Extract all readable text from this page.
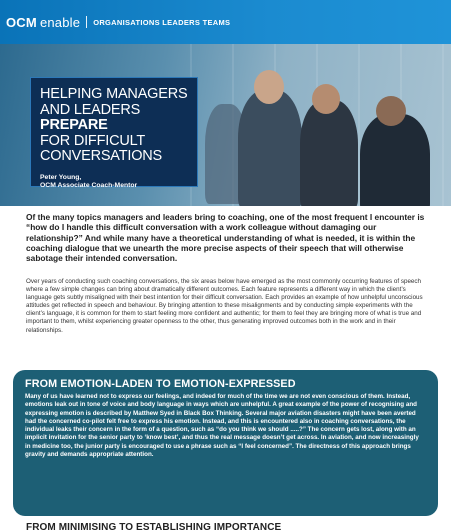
OCM enable ORGANISATIONS LEADERS TEAMS
HELPING MANAGERS
AND LEADERS PREPARE
FOR DIFFICULT
CONVERSATIONS
Peter Young,
OCM Associate Coach-Mentor

Of the many topics managers and leaders bring to coaching, one of the most frequent I encounter is “how do I handle this difficult conversation with a work colleague without damaging our relationship?” And while many have a theoretical understanding of what is needed, it is within the coaching dialogue that we unearth the more precise aspects of their speech that will otherwise sabotage their intended conversation.

Over years of conducting such coaching conversations, the six areas below have emerged as the most commonly occurring features of speech where a few simple changes can bring about dramatically different outcomes. Each feature represents a different way in which the client’s language gets subtly misaligned with their best intention for their difficult conversation. Each provides an example of how unhelpful unconscious attitudes get reflected in speech and behaviour. By bringing attention to these misalignments and by conducting simple experiments with the client’s language, it is common for them to start feeling more confident and authentic; for them to feel they are bringing more of what is true and important to them, whilst experiencing greater openness to the other, thus generating improved outcomes both in the work and in their relationships.

FROM EMOTION-LADEN TO EMOTION-EXPRESSED

Many of us have learned not to express our feelings, and indeed for much of the time we are not even conscious of them. Instead, emotions leak out in tone of voice and body language in ways which are unhelpful. A great example of the power of recognising and expressing emotion is described by Matthew Syed in Black Box Thinking. Several major aviation disasters might have been averted had the concerned co-pilot felt free to express his emotion. Instead, and this is encountered also in coaching conversations, the individual leaks their concern in the form of a question, such as “do you think we should .....?” The concern gets lost, along with an implicit invitation for the senior party to ‘know best’, and thus the real message doesn’t get across. In aviation, and now increasingly in medicine too, the junior party is encouraged to use a phrase such as “I feel concerned”. The directness of this approach brings gravity and demands appropriate attention.

FROM MINIMISING TO ESTABLISHING IMPORTANCE
